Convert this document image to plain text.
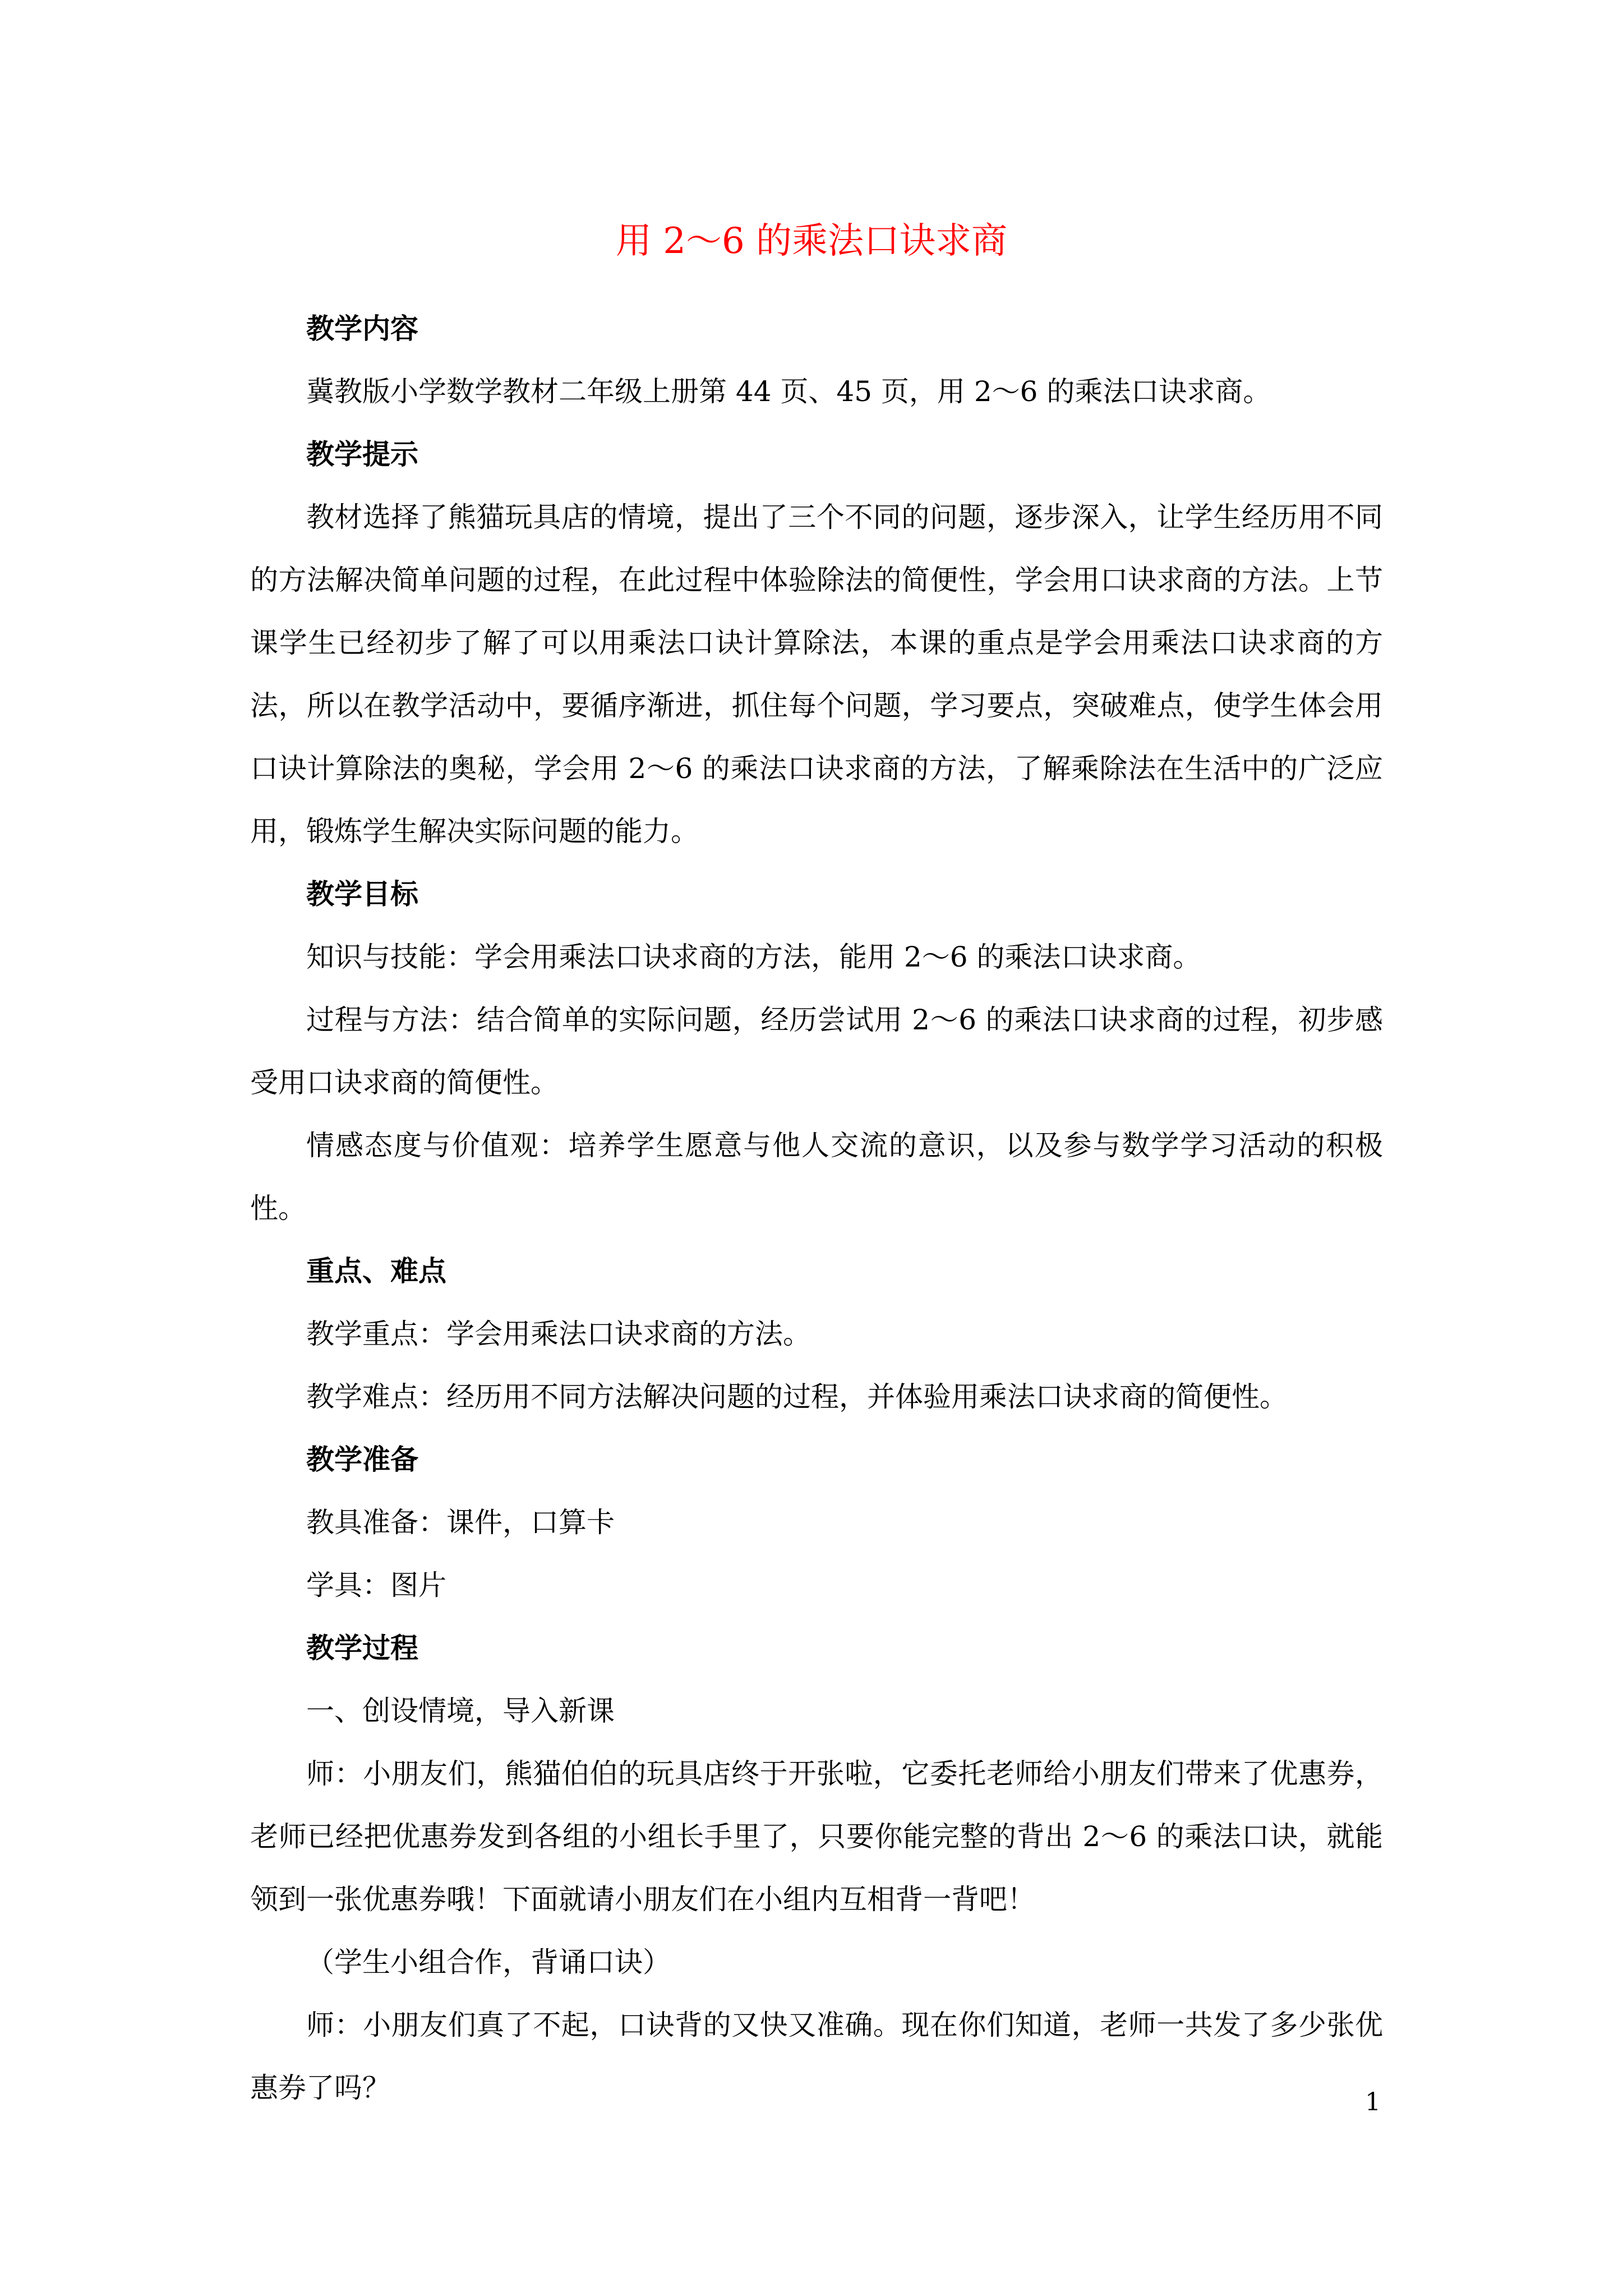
用 2～6 的乘法口诀求商

教学内容

冀教版小学数学教材二年级上册第 44 页、45 页，用 2～6 的乘法口诀求商。

教学提示

教材选择了熊猫玩具店的情境，提出了三个不同的问题，逐步深入，让学生经历用不同的方法解决简单问题的过程，在此过程中体验除法的简便性，学会用口诀求商的方法。上节课学生已经初步了解了可以用乘法口诀计算除法，本课的重点是学会用乘法口诀求商的方法，所以在教学活动中，要循序渐进，抓住每个问题，学习要点，突破难点，使学生体会用口诀计算除法的奥秘，学会用 2～6 的乘法口诀求商的方法，了解乘除法在生活中的广泛应用，锻炼学生解决实际问题的能力。

教学目标

知识与技能：学会用乘法口诀求商的方法，能用 2～6 的乘法口诀求商。

过程与方法：结合简单的实际问题，经历尝试用 2～6 的乘法口诀求商的过程，初步感受用口诀求商的简便性。

情感态度与价值观：培养学生愿意与他人交流的意识，以及参与数学学习活动的积极性。

重点、难点

教学重点：学会用乘法口诀求商的方法。

教学难点：经历用不同方法解决问题的过程，并体验用乘法口诀求商的简便性。

教学准备

教具准备：课件，口算卡

学具：图片

教学过程

一、创设情境，导入新课

师：小朋友们，熊猫伯伯的玩具店终于开张啦，它委托老师给小朋友们带来了优惠券，老师已经把优惠券发到各组的小组长手里了，只要你能完整的背出 2～6 的乘法口诀，就能领到一张优惠券哦！下面就请小朋友们在小组内互相背一背吧！

（学生小组合作，背诵口诀）

师：小朋友们真了不起，口诀背的又快又准确。现在你们知道，老师一共发了多少张优惠券了吗？	1
